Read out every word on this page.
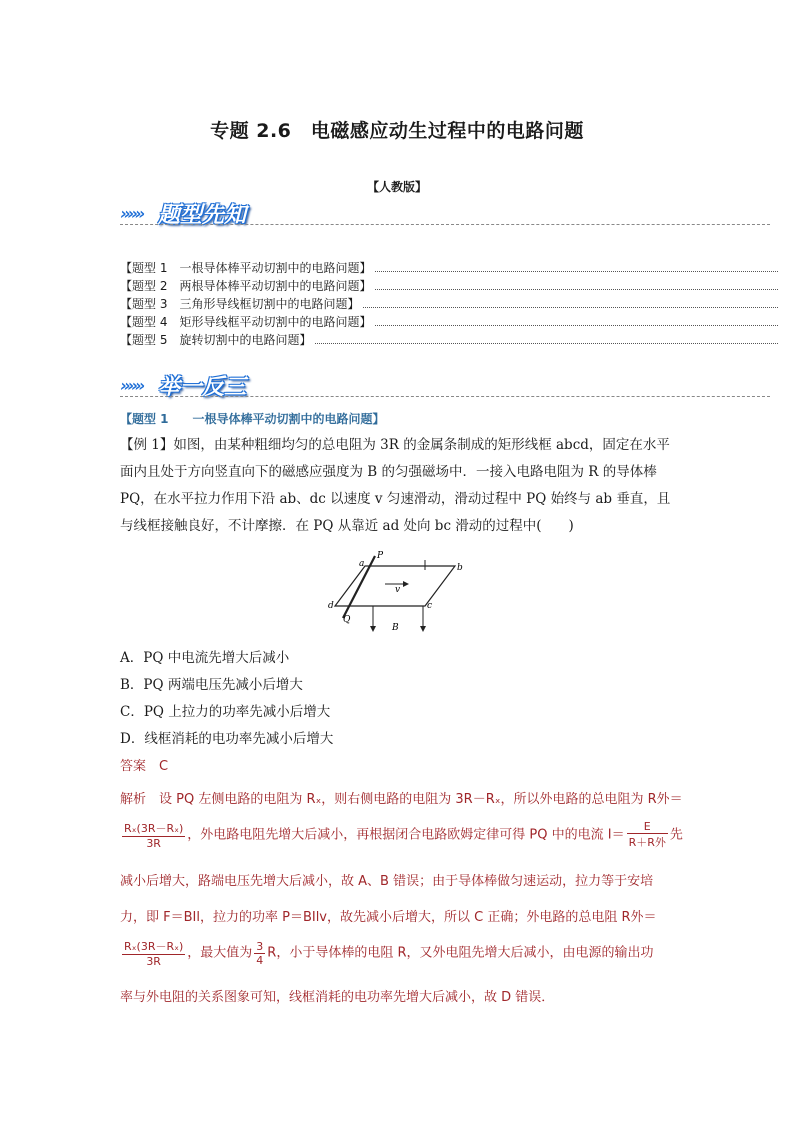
专题 2.6　电磁感应动生过程中的电路问题
【人教版】
»»» 题型先知
【题型 1　一根导体棒平动切割中的电路问题】
【题型 2　两根导体棒平动切割中的电路问题】
【题型 3　三角形导线框切割中的电路问题】
【题型 4　矩形导线框平动切割中的电路问题】
【题型 5　旋转切割中的电路问题】
»»» 举一反三
【题型 1　　一根导体棒平动切割中的电路问题】
【例 1】如图，由某种粗细均匀的总电阻为 3R 的金属条制成的矩形线框 abcd，固定在水平
面内且处于方向竖直向下的磁感应强度为 B 的匀强磁场中．一接入电路电阻为 R 的导体棒
PQ，在水平拉力作用下沿 ab、dc 以速度 v 匀速滑动，滑动过程中 PQ 始终与 ab 垂直，且
与线框接触良好，不计摩擦．在 PQ 从靠近 ad 处向 bc 滑动的过程中(　　)
P
a	b
c
d
Q
v
B
A．PQ 中电流先增大后减小
B．PQ 两端电压先减小后增大
C．PQ 上拉力的功率先减小后增大
D．线框消耗的电功率先减小后增大
答案　C
解析　设 PQ 左侧电路的电阻为 Rₓ，则右侧电路的电阻为 3R－Rₓ，所以外电路的总电阻为 R外＝
$\frac{\text{Rₓ(3R－Rₓ)}}{3R}$ ，外电路电阻先增大后减小，再根据闭合电路欧姆定律可得 PQ 中的电流 $I= \frac{E}{\text{R＋R外}}$ 先
减小后增大，路端电压先增大后减小，故 A、B 错误；由于导体棒做匀速运动，拉力等于安培
力，即 F＝BIl，拉力的功率 P＝BIlv，故先减小后增大，所以 C 正确；外电路的总电阻 R外＝
$\frac{\text{Rₓ(3R－Rₓ)}}{3R}$ ，最大值为 $\frac{3}{4}$ R，小于导体棒的电阻 R，又外电阻先增大后减小，由电源的输出功
率与外电阻的关系图象可知，线框消耗的电功率先增大后减小，故 D 错误．
